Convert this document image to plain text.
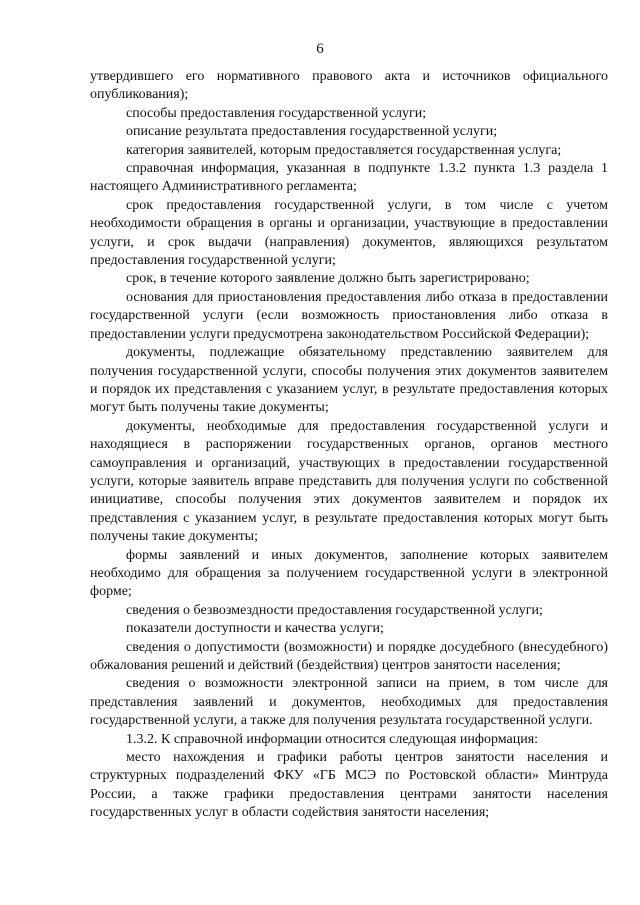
6

утвердившего его нормативного правового акта и источников официального опубликования);

способы предоставления государственной услуги;

описание результата предоставления государственной услуги;

категория заявителей, которым предоставляется государственная услуга;

справочная информация, указанная в подпункте 1.3.2 пункта 1.3 раздела 1 настоящего Административного регламента;

срок предоставления государственной услуги, в том числе с учетом необходимости обращения в органы и организации, участвующие в предоставлении услуги, и срок выдачи (направления) документов, являющихся результатом предоставления государственной услуги;

срок, в течение которого заявление должно быть зарегистрировано;

основания для приостановления предоставления либо отказа в предоставлении государственной услуги (если возможность приостановления либо отказа в предоставлении услуги предусмотрена законодательством Российской Федерации);

документы, подлежащие обязательному представлению заявителем для получения государственной услуги, способы получения этих документов заявителем и порядок их представления с указанием услуг, в результате предоставления которых могут быть получены такие документы;

документы, необходимые для предоставления государственной услуги и находящиеся в распоряжении государственных органов, органов местного самоуправления и организаций, участвующих в предоставлении государственной услуги, которые заявитель вправе представить для получения услуги по собственной инициативе, способы получения этих документов заявителем и порядок их представления с указанием услуг, в результате предоставления которых могут быть получены такие документы;

формы заявлений и иных документов, заполнение которых заявителем необходимо для обращения за получением государственной услуги в электронной форме;

сведения о безвозмездности предоставления государственной услуги;

показатели доступности и качества услуги;

сведения о допустимости (возможности) и порядке досудебного (внесудебного) обжалования решений и действий (бездействия) центров занятости населения;

сведения о возможности электронной записи на прием, в том числе для представления заявлений и документов, необходимых для предоставления государственной услуги, а также для получения результата государственной услуги.

1.3.2. К справочной информации относится следующая информация:

место нахождения и графики работы центров занятости населения и структурных подразделений ФКУ «ГБ МСЭ по Ростовской области» Минтруда России, а также графики предоставления центрами занятости населения государственных услуг в области содействия занятости населения;
